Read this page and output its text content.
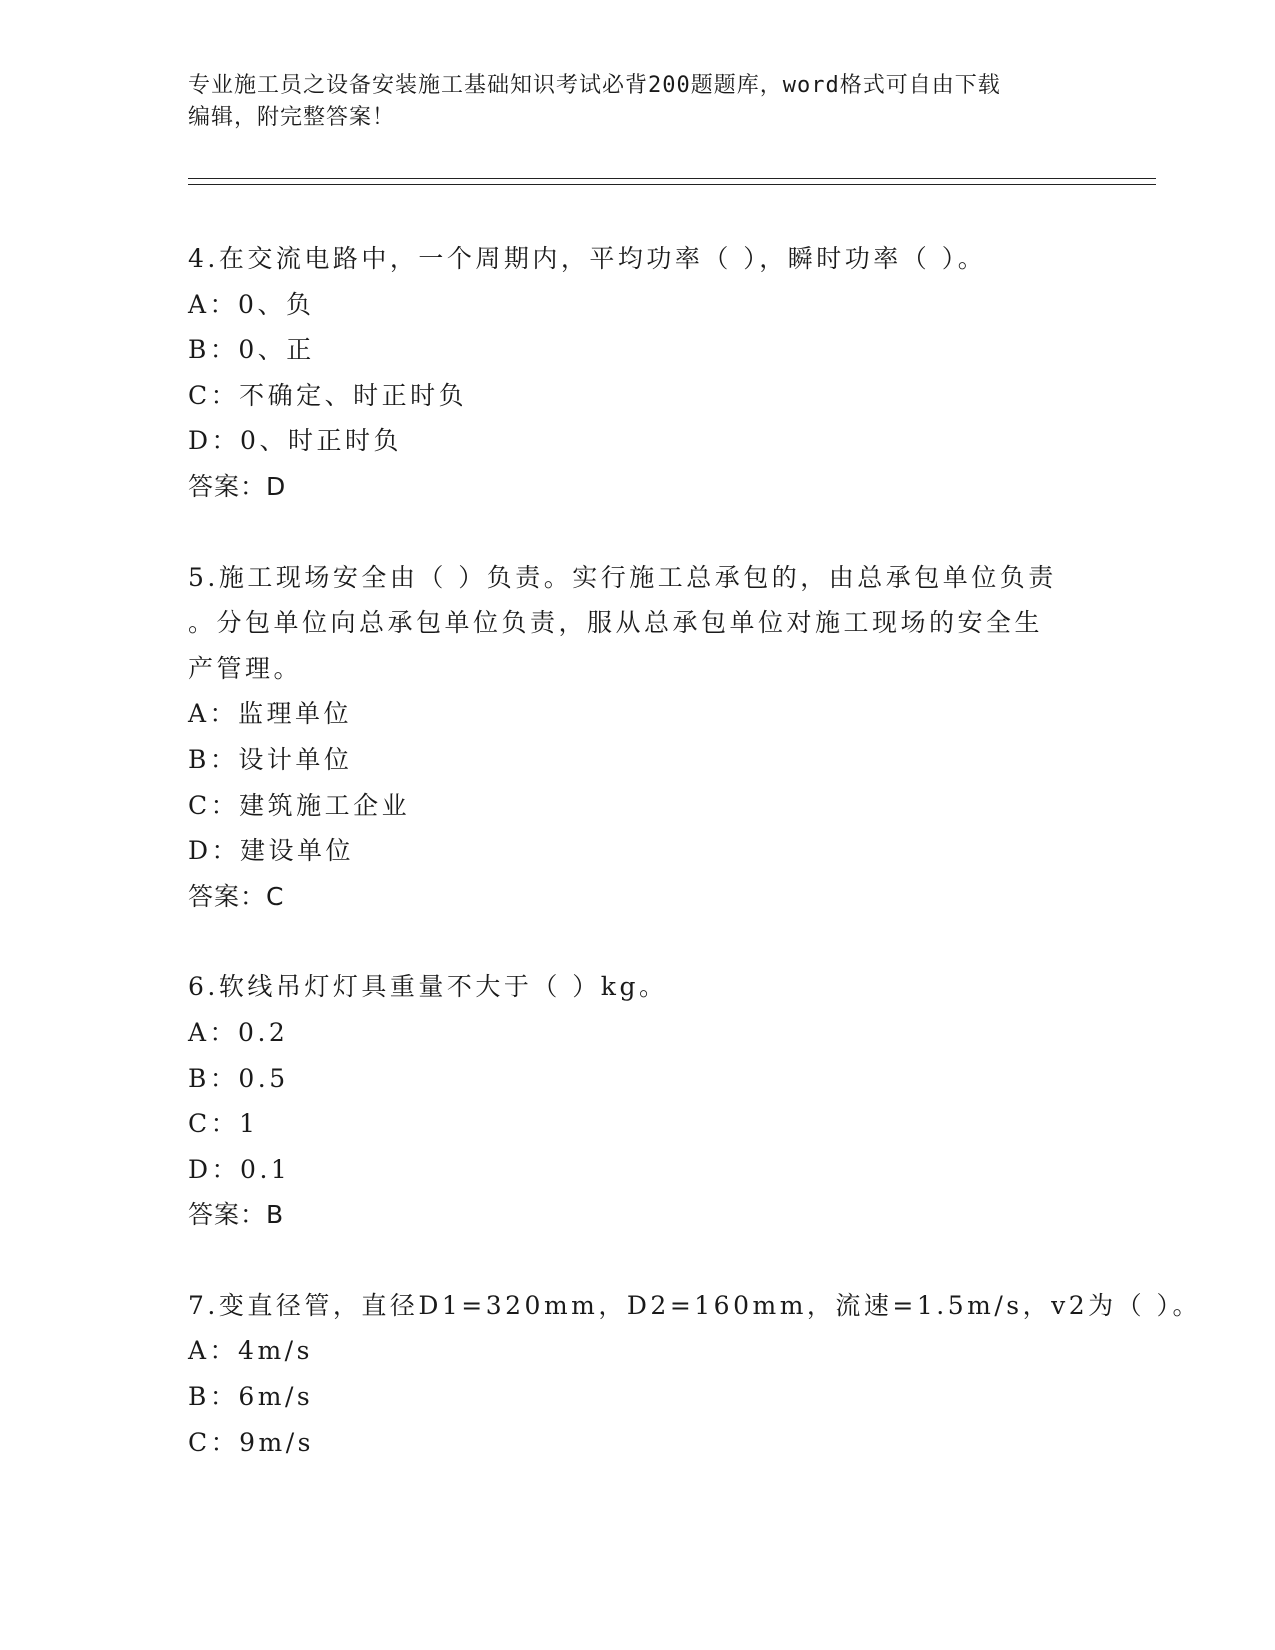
专业施工员之设备安装施工基础知识考试必背200题题库，word格式可自由下载
编辑，附完整答案！
4.在交流电路中，一个周期内，平均功率（ ），瞬时功率（ ）。
A：0、负
B：0、正
C：不确定、时正时负
D：0、时正时负
答案：D
5.施工现场安全由（ ）负责。实行施工总承包的，由总承包单位负责
。分包单位向总承包单位负责，服从总承包单位对施工现场的安全生
产管理。
A：监理单位
B：设计单位
C：建筑施工企业
D：建设单位
答案：C
6.软线吊灯灯具重量不大于（ ）kg。
A：0.2
B：0.5
C：1
D：0.1
答案：B
7.变直径管，直径D1=320mm，D2=160mm，流速=1.5m/s，v2为（ ）。
A：4m/s
B：6m/s
C：9m/s
